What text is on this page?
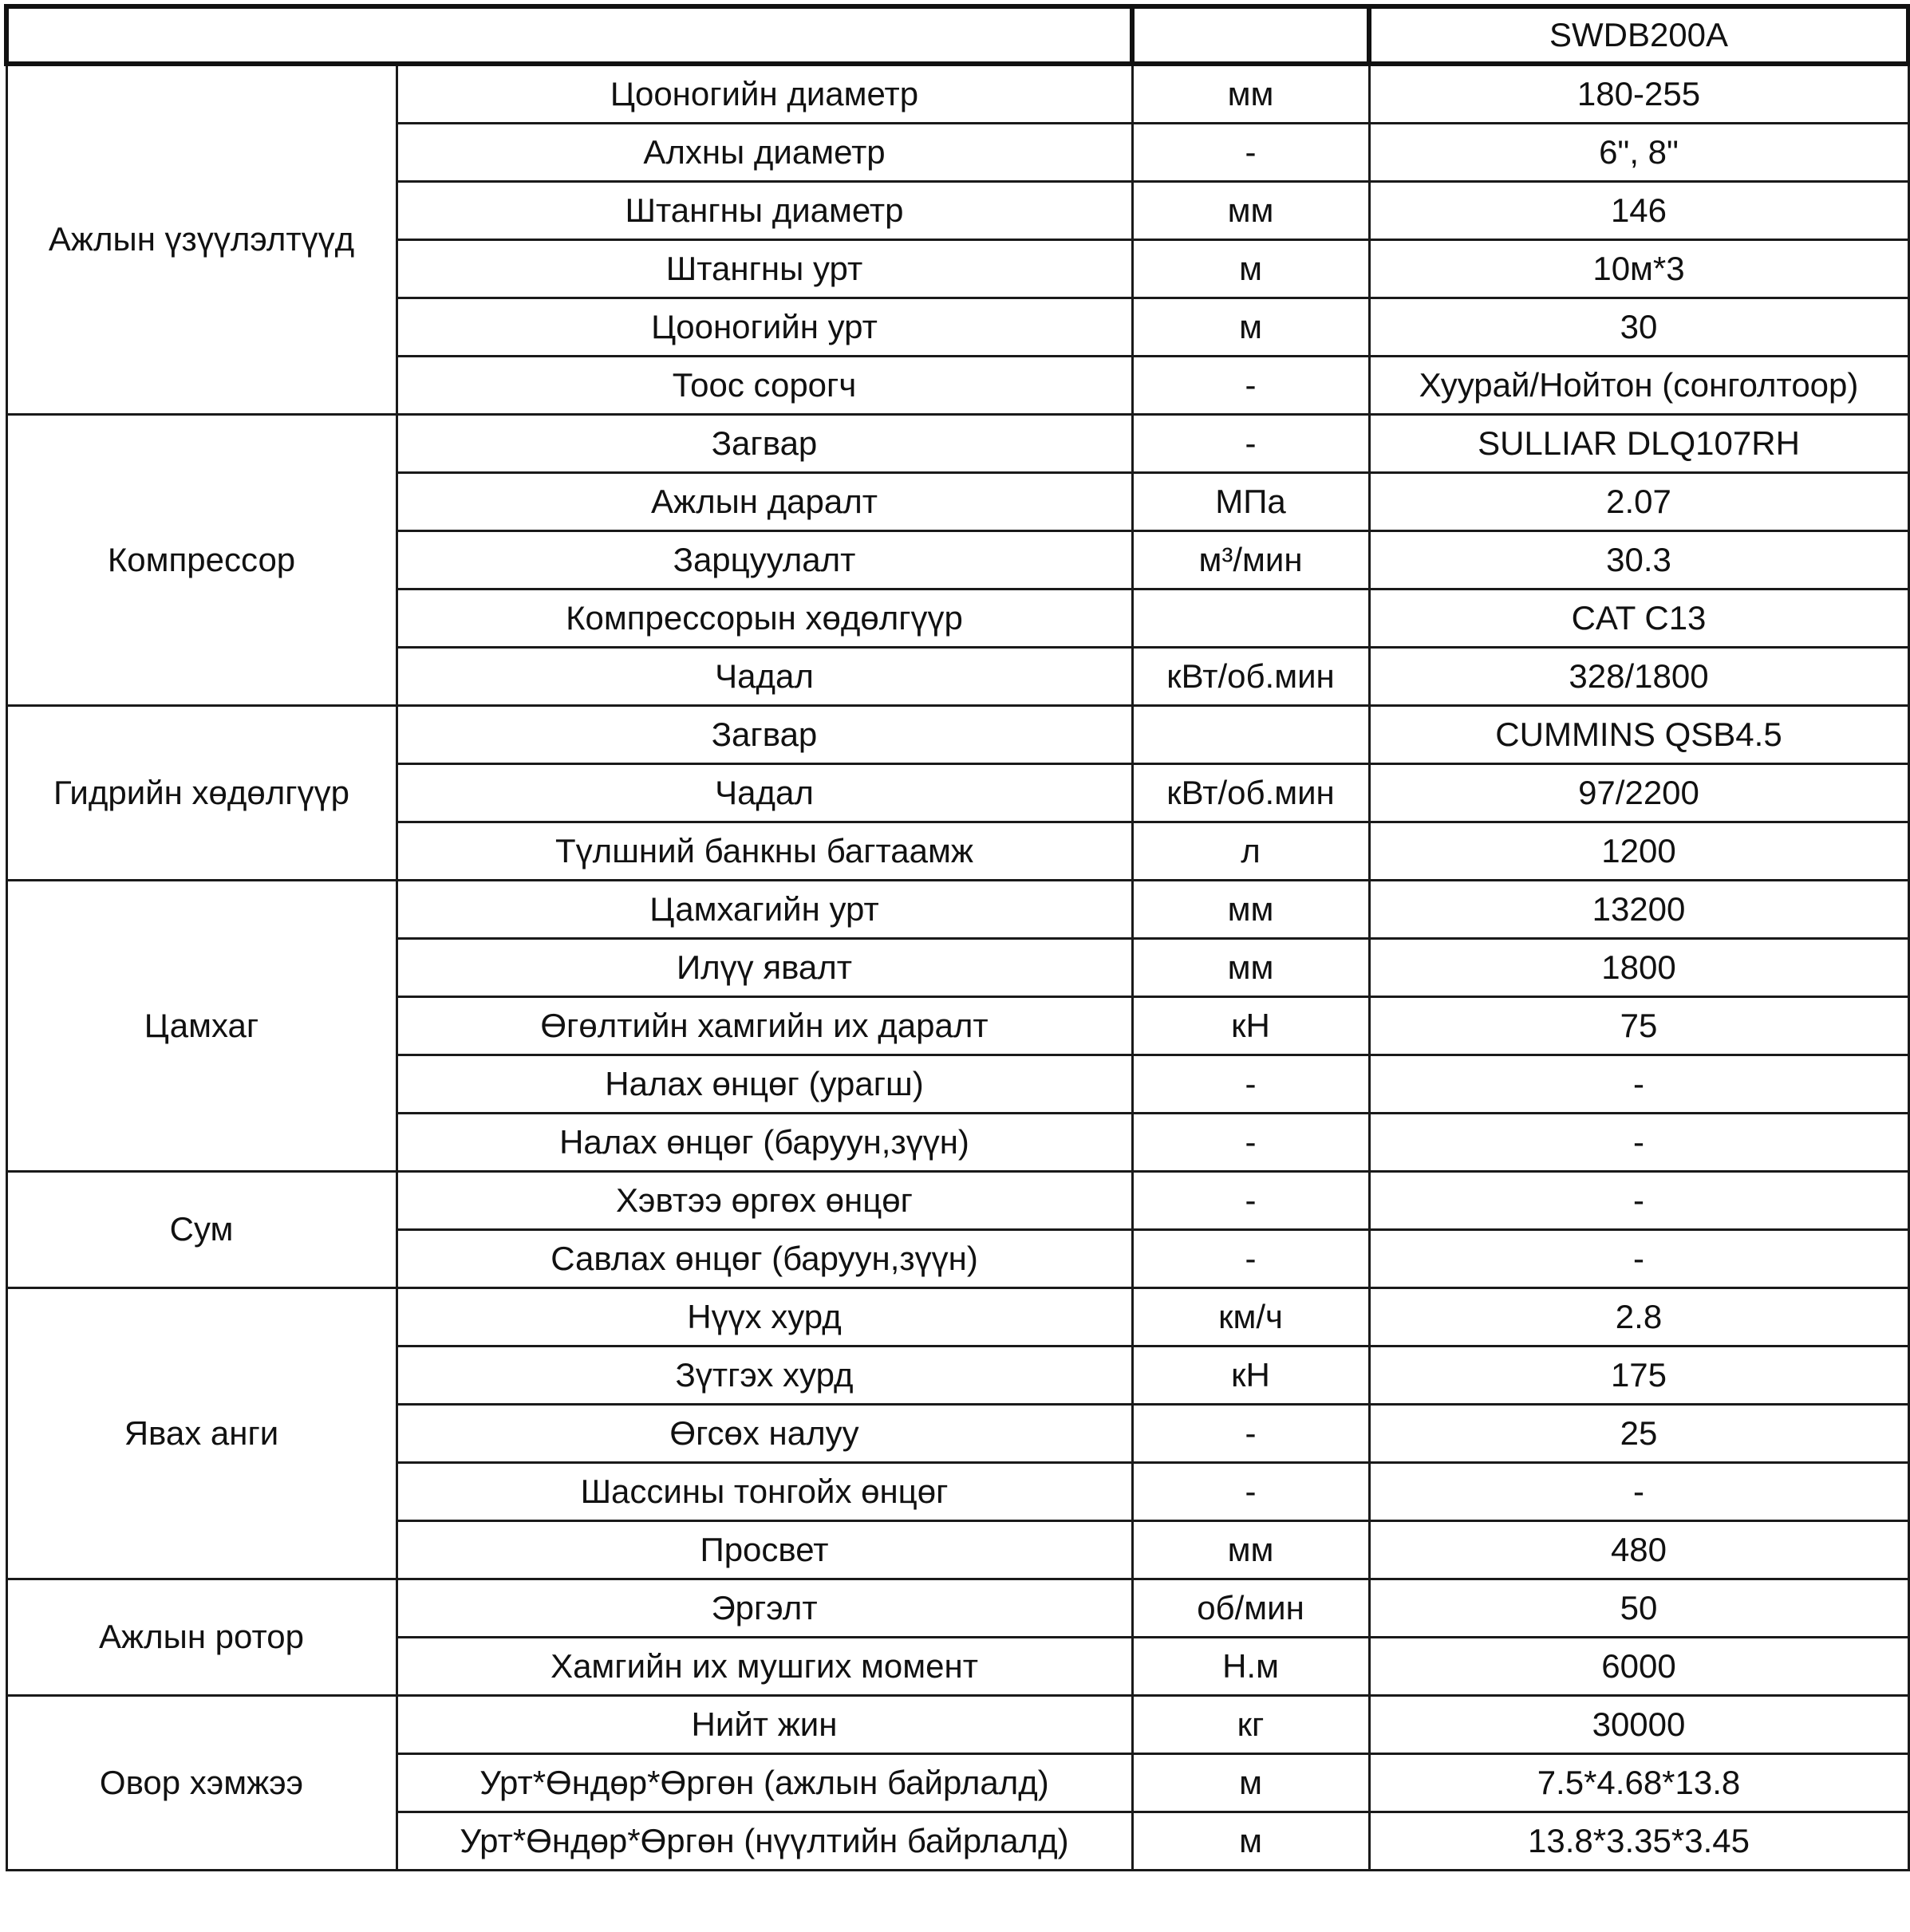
			SWDB200A
Ажлын үзүүлэлтүүд	Цооногийн диаметр	мм	180-255
	Алхны диаметр	-	6", 8"
	Штангны диаметр	мм	146
	Штангны урт	м	10м*3
	Цооногийн урт	м	30
	Тоос сорогч	-	Хуурай/Нойтон (сонголтоор)
Компрессор	Загвар	-	SULLIAR DLQ107RH
	Ажлын даралт	МПа	2.07
	Зарцуулалт	м³/мин	30.3
	Компрессорын хөдөлгүүр		CAT C13
	Чадал	кВт/об.мин	328/1800
Гидрийн хөдөлгүүр	Загвар		CUMMINS QSB4.5
	Чадал	кВт/об.мин	97/2200
	Түлшний банкны багтаамж	л	1200
Цамхаг	Цамхагийн урт	мм	13200
	Илүү явалт	мм	1800
	Өгөлтийн хамгийн их даралт	кН	75
	Налах өнцөг (урагш)	-	-
	Налах өнцөг (баруун,зүүн)	-	-
Сум	Хэвтээ өргөх өнцөг	-	-
	Савлах өнцөг (баруун,зүүн)	-	-
Явах анги	Нүүх хурд	км/ч	2.8
	Зүтгэх хурд	кН	175
	Өгсөх налуу	-	25
	Шассины тонгойх өнцөг	-	-
	Просвет	мм	480
Ажлын ротор	Эргэлт	об/мин	50
	Хамгийн их мушгих момент	Н.м	6000
Овор хэмжээ	Нийт жин	кг	30000
	Урт*Өндөр*Өргөн (ажлын байрлалд)	м	7.5*4.68*13.8
	Урт*Өндөр*Өргөн (нүүлтийн байрлалд)	м	13.8*3.35*3.45
